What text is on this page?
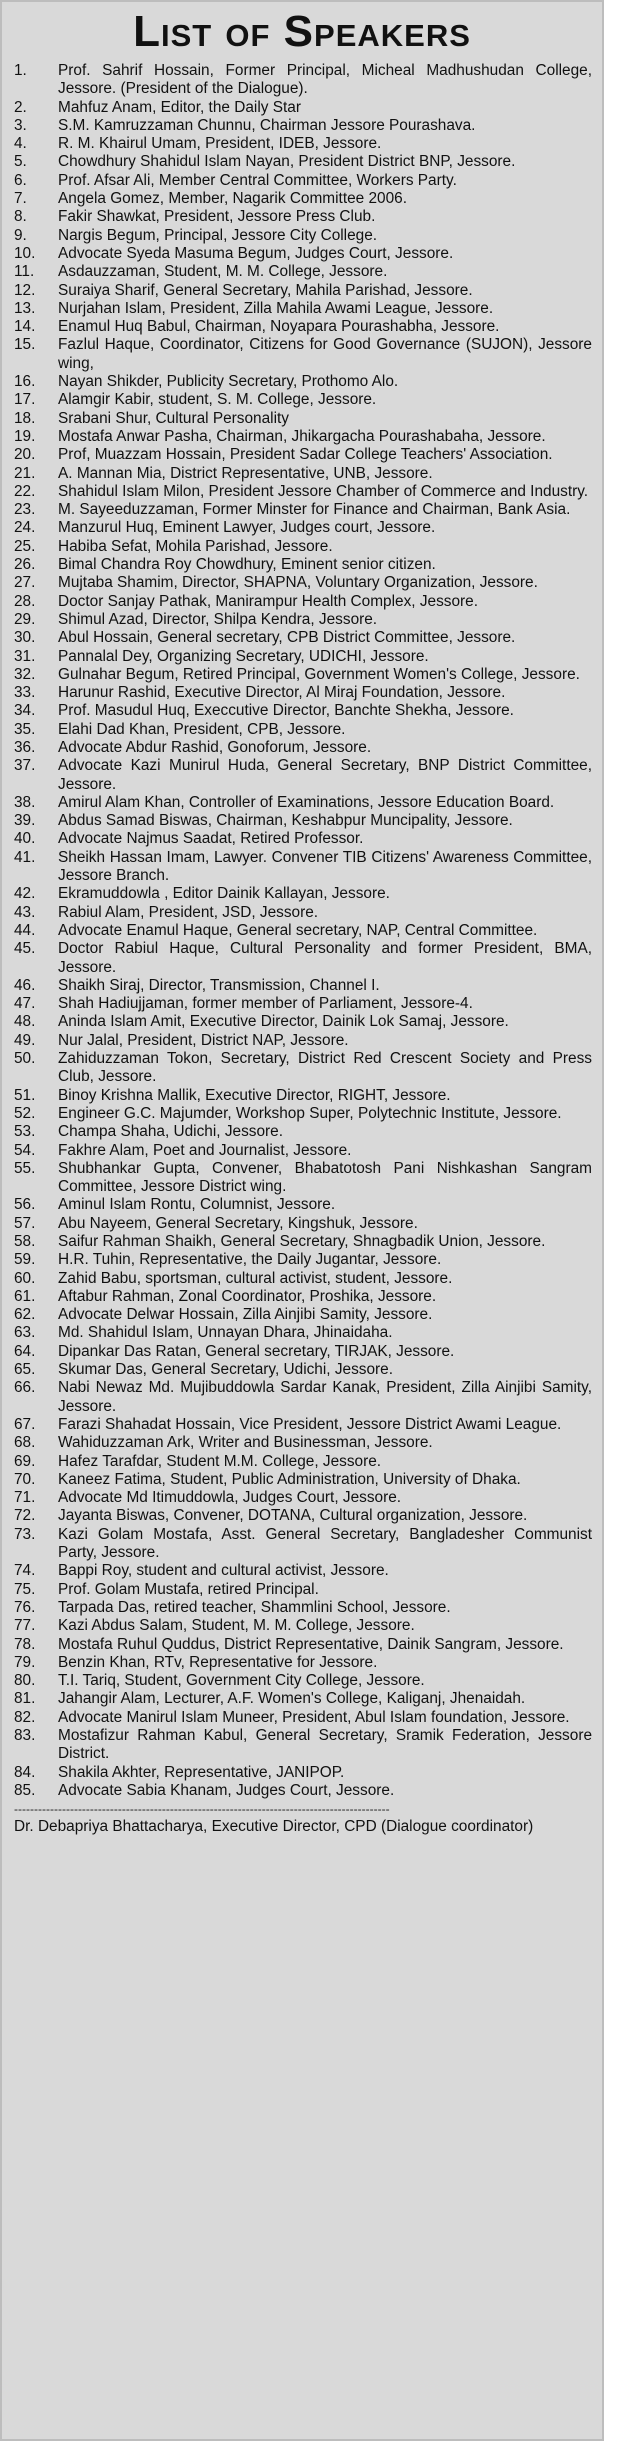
List of Speakers
1.	Prof. Sahrif Hossain, Former Principal, Micheal Madhushudan College, Jessore. (President of the Dialogue).
2.	Mahfuz Anam, Editor, the Daily Star
3.	S.M. Kamruzzaman Chunnu, Chairman Jessore Pourashava.
4.	R. M. Khairul Umam, President, IDEB, Jessore.
5.	Chowdhury Shahidul Islam Nayan, President District BNP, Jessore.
6.	Prof. Afsar Ali, Member Central Committee, Workers Party.
7.	Angela Gomez, Member, Nagarik Committee 2006.
8.	Fakir Shawkat, President, Jessore Press Club.
9.	Nargis Begum, Principal, Jessore City College.
10.	Advocate Syeda Masuma Begum, Judges Court, Jessore.
11.	Asdauzzaman, Student, M. M. College, Jessore.
12.	Suraiya Sharif, General Secretary, Mahila Parishad, Jessore.
13.	Nurjahan Islam, President, Zilla Mahila Awami League, Jessore.
14.	Enamul Huq Babul, Chairman, Noyapara Pourashabha, Jessore.
15.	Fazlul Haque, Coordinator, Citizens for Good Governance (SUJON), Jessore wing,
16.	Nayan Shikder, Publicity Secretary, Prothomo Alo.
17.	Alamgir Kabir, student, S. M. College, Jessore.
18.	Srabani Shur, Cultural Personality
19.	Mostafa Anwar Pasha, Chairman, Jhikargacha Pourashabaha, Jessore.
20.	Prof, Muazzam Hossain, President Sadar College Teachers' Association.
21.	A. Mannan Mia, District Representative, UNB, Jessore.
22.	Shahidul Islam Milon, President Jessore Chamber of Commerce and Industry.
23.	M. Sayeeduzzaman, Former Minster for Finance and Chairman, Bank Asia.
24.	Manzurul Huq, Eminent Lawyer, Judges court, Jessore.
25.	Habiba Sefat, Mohila Parishad, Jessore.
26.	Bimal Chandra Roy Chowdhury, Eminent senior citizen.
27.	Mujtaba Shamim, Director, SHAPNA, Voluntary Organization, Jessore.
28.	Doctor Sanjay Pathak, Manirampur Health Complex, Jessore.
29.	Shimul Azad, Director, Shilpa Kendra, Jessore.
30.	Abul Hossain, General secretary, CPB District Committee, Jessore.
31.	Pannalal Dey, Organizing Secretary, UDICHI, Jessore.
32.	Gulnahar Begum, Retired Principal, Government Women's College, Jessore.
33.	Harunur Rashid, Executive Director, Al Miraj Foundation, Jessore.
34.	Prof. Masudul Huq, Execcutive Director, Banchte Shekha, Jessore.
35.	Elahi Dad Khan, President, CPB, Jessore.
36.	Advocate Abdur Rashid, Gonoforum, Jessore.
37.	Advocate Kazi Munirul Huda, General Secretary, BNP District Committee, Jessore.
38.	Amirul Alam Khan, Controller of Examinations, Jessore Education Board.
39.	Abdus Samad Biswas, Chairman, Keshabpur Muncipality, Jessore.
40.	Advocate Najmus Saadat, Retired Professor.
41.	Sheikh Hassan Imam, Lawyer. Convener TIB Citizens' Awareness Committee, Jessore Branch.
42.	Ekramuddowla , Editor Dainik Kallayan, Jessore.
43.	Rabiul Alam, President, JSD, Jessore.
44.	Advocate Enamul Haque, General secretary, NAP, Central Committee.
45.	Doctor Rabiul Haque, Cultural Personality and former President, BMA, Jessore.
46.	Shaikh Siraj, Director, Transmission, Channel I.
47.	Shah Hadiujjaman, former member of Parliament, Jessore-4.
48.	Aninda Islam Amit, Executive Director, Dainik Lok Samaj, Jessore.
49.	Nur Jalal, President, District NAP, Jessore.
50.	Zahiduzzaman Tokon, Secretary, District Red Crescent Society and Press Club, Jessore.
51.	Binoy Krishna Mallik, Executive Director, RIGHT, Jessore.
52.	Engineer G.C. Majumder, Workshop Super, Polytechnic Institute, Jessore.
53.	Champa Shaha, Udichi, Jessore.
54.	Fakhre Alam, Poet and Journalist, Jessore.
55.	Shubhankar Gupta, Convener, Bhabatotosh Pani Nishkashan Sangram Committee, Jessore District wing.
56.	Aminul Islam Rontu, Columnist, Jessore.
57.	Abu Nayeem, General Secretary, Kingshuk, Jessore.
58.	Saifur Rahman Shaikh, General Secretary, Shnagbadik Union, Jessore.
59.	H.R. Tuhin, Representative, the Daily Jugantar, Jessore.
60.	Zahid Babu, sportsman, cultural activist, student, Jessore.
61.	Aftabur Rahman, Zonal Coordinator, Proshika, Jessore.
62.	Advocate Delwar Hossain, Zilla Ainjibi Samity, Jessore.
63.	Md. Shahidul Islam, Unnayan Dhara, Jhinaidaha.
64.	Dipankar Das Ratan, General secretary, TIRJAK, Jessore.
65.	Skumar Das, General Secretary, Udichi, Jessore.
66.	Nabi Newaz Md. Mujibuddowla Sardar Kanak, President, Zilla Ainjibi Samity, Jessore.
67.	Farazi Shahadat Hossain, Vice President, Jessore District Awami League.
68.	Wahiduzzaman Ark, Writer and Businessman, Jessore.
69.	Hafez Tarafdar, Student M.M. College, Jessore.
70.	Kaneez Fatima, Student, Public Administration, University of Dhaka.
71.	Advocate Md Itimuddowla, Judges Court, Jessore.
72.	Jayanta Biswas, Convener, DOTANA, Cultural organization, Jessore.
73.	Kazi Golam Mostafa, Asst. General Secretary, Bangladesher Communist Party, Jessore.
74.	Bappi Roy, student and cultural activist, Jessore.
75.	Prof. Golam Mustafa, retired Principal.
76.	Tarpada Das, retired teacher, Shammlini School, Jessore.
77.	Kazi Abdus Salam, Student, M. M. College, Jessore.
78.	Mostafa Ruhul Quddus, District Representative, Dainik Sangram, Jessore.
79.	Benzin Khan, RTv, Representative for Jessore.
80.	T.I. Tariq, Student, Government City College, Jessore.
81.	Jahangir Alam, Lecturer, A.F. Women's College, Kaliganj, Jhenaidah.
82.	Advocate Manirul Islam Muneer, President, Abul Islam foundation, Jessore.
83.	Mostafizur Rahman Kabul, General Secretary, Sramik Federation, Jessore District.
84.	Shakila Akhter, Representative, JANIPOP.
85.	Advocate Sabia Khanam, Judges Court, Jessore.
----------------------------------------------------------------------------------------------
Dr. Debapriya Bhattacharya, Executive Director, CPD (Dialogue coordinator)
